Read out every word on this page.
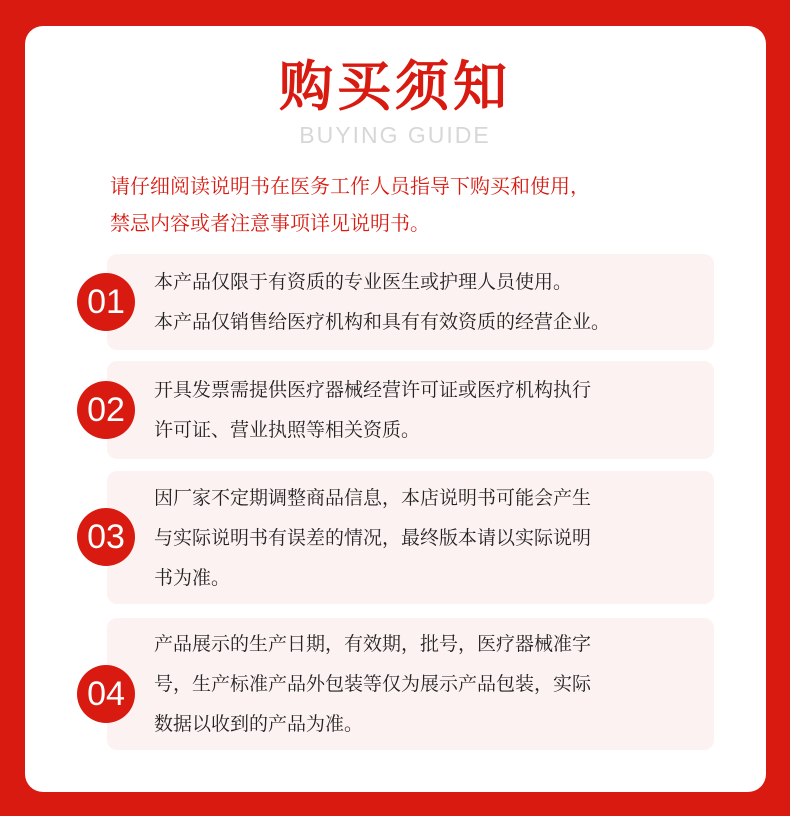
购买须知
BUYING GUIDE
请仔细阅读说明书在医务工作人员指导下购买和使用，
禁忌内容或者注意事项详见说明书。
本产品仅限于有资质的专业医生或护理人员使用。
本产品仅销售给医疗机构和具有有效资质的经营企业。
01
开具发票需提供医疗器械经营许可证或医疗机构执行
许可证、营业执照等相关资质。
02
因厂家不定期调整商品信息，本店说明书可能会产生
与实际说明书有误差的情况，最终版本请以实际说明
书为准。
03
产品展示的生产日期，有效期，批号，医疗器械准字
号，生产标准产品外包装等仅为展示产品包装，实际
数据以收到的产品为准。
04
